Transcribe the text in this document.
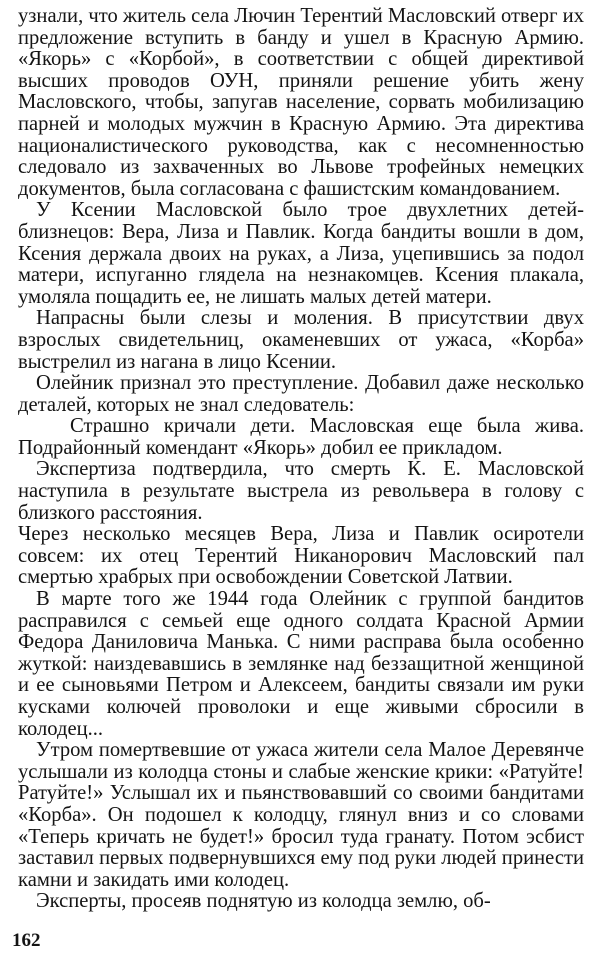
узнали, что житель села Лючин Терентий Масловский отверг их предложение вступить в банду и ушел в Красную Армию. «Якорь» с «Корбой», в соответствии с общей директивой высших проводов ОУН, приняли решение убить жену Масловского, чтобы, запугав население, сорвать мобилизацию парней и молодых мужчин в Красную Армию. Эта директива националистического руководства, как с несомненностью следовало из захваченных во Львове трофейных немецких документов, была согласована с фашистским командованием.

У Ксении Масловской было трое двухлетних детей-близнецов: Вера, Лиза и Павлик. Когда бандиты вошли в дом, Ксения держала двоих на руках, а Лиза, уцепившись за подол матери, испуганно глядела на незнакомцев. Ксения плакала, умоляла пощадить ее, не лишать малых детей матери.

Напрасны были слезы и моления. В присутствии двух взрослых свидетельниц, окаменевших от ужаса, «Корба» выстрелил из нагана в лицо Ксении.

Олейник признал это преступление. Добавил даже несколько деталей, которых не знал следователь:

Страшно кричали дети. Масловская еще была жива. Подрайонный комендант «Якорь» добил ее прикладом.

Экспертиза подтвердила, что смерть К. Е. Масловской наступила в результате выстрела из револьвера в голову с близкого расстояния.

Через несколько месяцев Вера, Лиза и Павлик осиротели совсем: их отец Терентий Никанорович Масловский пал смертью храбрых при освобождении Советской Латвии.

В марте того же 1944 года Олейник с группой бандитов расправился с семьей еще одного солдата Красной Армии Федора Даниловича Манька. С ними расправа была особенно жуткой: наиздевавшись в землянке над беззащитной женщиной и ее сыновьями Петром и Алексеем, бандиты связали им руки кусками колючей проволоки и еще живыми сбросили в колодец...

Утром помертвевшие от ужаса жители села Малое Деревянче услышали из колодца стоны и слабые женские крики: «Ратуйте! Ратуйте!» Услышал их и пьянствовавший со своими бандитами «Корба». Он подошел к колодцу, глянул вниз и со словами «Теперь кричать не будет!» бросил туда гранату. Потом эсбист заставил первых подвернувшихся ему под руки людей принести камни и закидать ими колодец.

Эксперты, просеяв поднятую из колодца землю, об-

162
